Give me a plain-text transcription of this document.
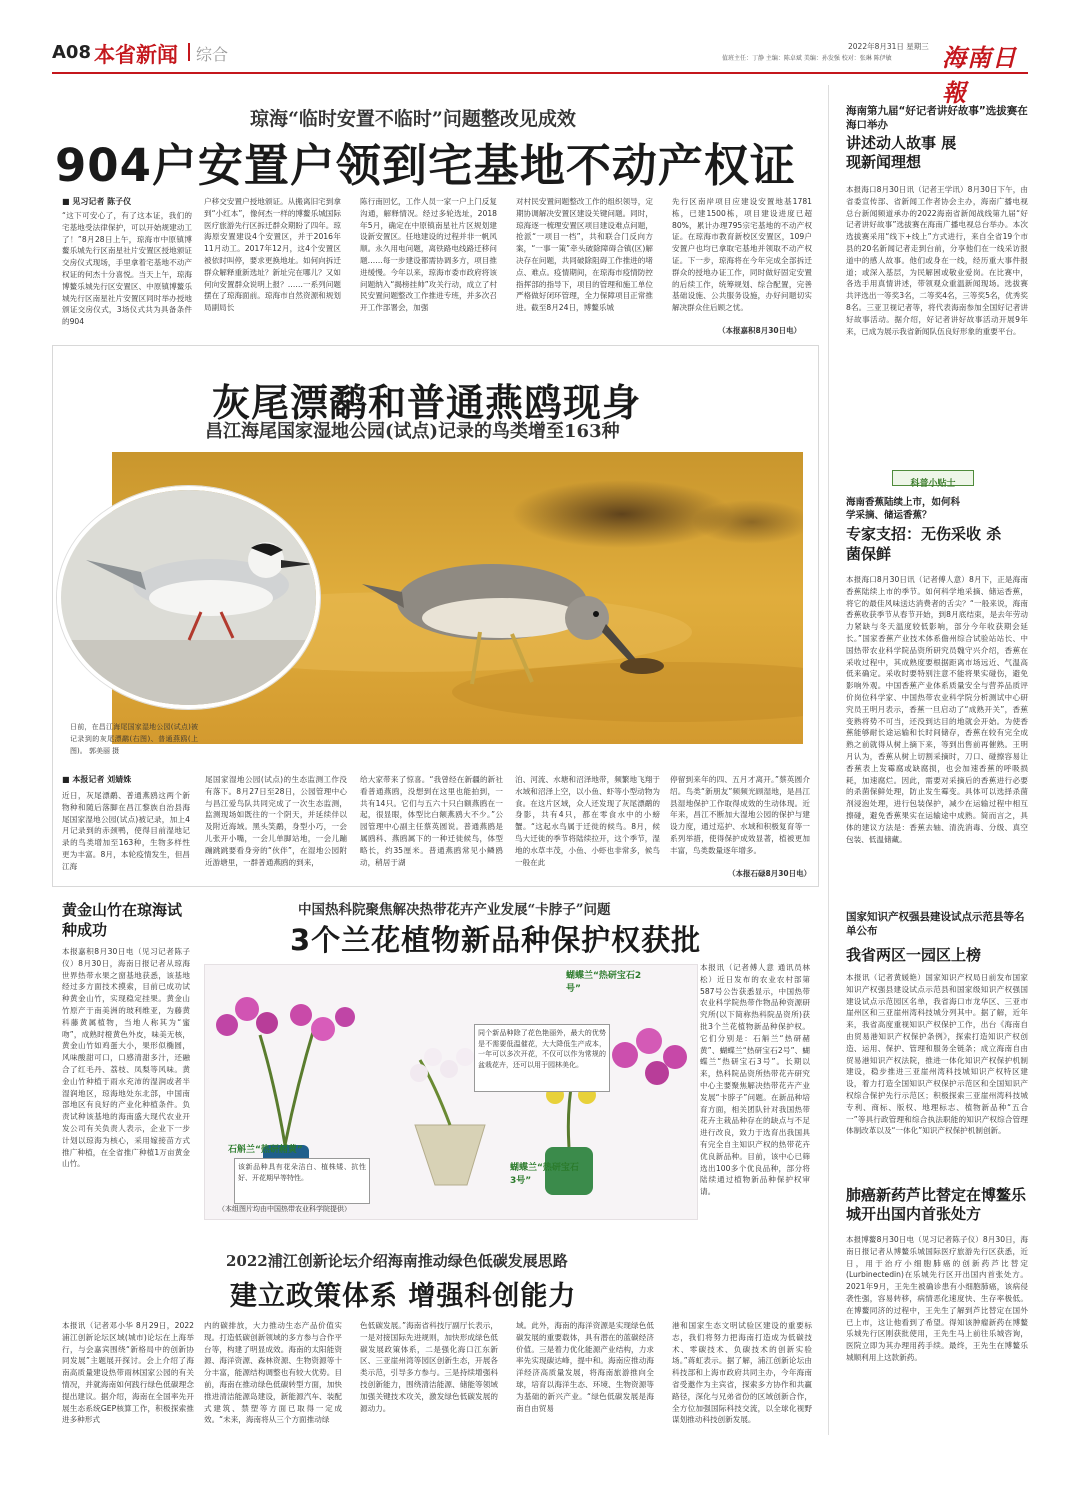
A08 本省新闻 综合	值班主任：丁静 主编：陈卓斌 美编：孙发强 校对：张琳 陈伊敏
2022年8月31日 星期三 海南日報
琼海“临时安置不临时”问题整改见成效
904户安置户领到宅基地不动产权证
■ 见习记者 陈子仪
“这下可安心了，有了这本证，我们的宅基地受法律保护，可以开始规建动工了！”8月28日上午，琼海市中原镇博鳌乐城先行区南星社片安置区授地颁证交房仪式现场，手里拿着宅基地不动产权证的何杰十分喜悦。当天上午，琼海博鳌乐城先行区安置区、中原镇博鳌乐城先行区南星社片安置区同时举办授地颁证交房仪式，3场仪式共为具备条件的904
户移交安置户授地颁证。从搬离旧宅到拿到“小红本”，像何杰一样的博鳌乐城国际医疗旅游先行区拆迁群众期盼了四年。琼海原安置建设4个安置区，并于2016年11月动工。2017年12月，这4个安置区被依时叫停，要求更换地址。如何向拆迁群众解释重新选址？新址完在哪儿？又如何向安置群众说明上报？……一系列问题摆在了琼海面前。琼海市自然资源和规划局副局长
陈行南回忆，工作人员一家一户上门反复沟通，解释情况。经过多轮选址，2018年5月，确定在中原镇南星社片区规划建设新安置区。任地建设的过程并非一帆风顺。永久用电问题，离铁路电线路迁移问题……每一步建设都需协调多方，项目推进缓慢。今年以来，琼海市委市政府将该问题纳入“揭榜挂帅”攻关行动，成立了村民安置问题整改工作推进专班，并多次召开工作部署会，加强
对村民安置问题整改工作的组织领导，定期协调解决安置区建设关键问题。同时，琼海逐一梳理安置区项目建设难点问题，抢派“一项目一档”，共和联合门反向方案，“一事一策”牵头破除障碍合镇(区)解决存在问题，共同破除阻碍工作推进的堵点、难点。疫情期间，在琼海市疫情防控指挥部的指导下，项目的管理和施工单位严格做好闭环管理，全力保障项目正常推进。截至8月24日，博鳌乐城
先行区南岸项目应建设安置地基1781栋，已建1500栋，项目建设进度已超80%，累计办理795宗宅基地的不动产权证。在琼海市教育新校区安置区，109户安置户也均已拿取宅基地并领取不动产权证。下一步，琼海将在今年完成全部拆迁群众的授地办证工作，同时做好固定安置的后续工作，统筹规划、综合配置，完善基础设施、公共服务设施，办好问题切实解决群众住后顾之忧。
（本报嘉积8月30日电）
灰尾漂鹬和普通燕鸥现身
昌江海尾国家湿地公园(试点)记录的鸟类增至163种
日前，在昌江海尾国家湿地公园(试点)被记录到的灰尾漂鹬(右图)、普通燕鸥(上图)。 郭美丽 摄
■ 本报记者 刘婧姝
近日，灰尾漂鹬、普通燕鸥这两个新物种和随后落脚在昌江黎族自治县海尾国家湿地公园(试点)被记录，加上4月记录到的赤颈鸭，使得目前湿地记录的鸟类增加至163种，生物多样性更为丰富。8月，本轮疫情发生，但昌江海
尾国家湿地公园(试点)的生态监测工作没有落下。8月27日至28日，公园管理中心与昌江爱鸟队共同完成了一次生态监测，监测现场如既往的一个阴天，并延续伴以及附近海域。黑头笑鹬，身型小巧，一会儿张开小嘴，一会儿单脚站地，一会儿蹦蹦跳跳要看身旁的“伙伴”，在湿地公园附近游塘里，一群普通燕鸥的到来，
给大家带来了惊喜。“我曾经在新疆的新社看普通燕鸥，没想到在这里也能拍到，一共有14只。它们与五六十只白额燕鸥在一起，很显眼，体型比白额燕鸥大不少。”公园管理中心副主任蔡英圆说。普通燕鸥是属鸥科、燕鸥属下的一种迁徙候鸟，体型略长，约35厘米。普通燕鸥常见小鳞鸥动，稍居于湖
泊、河流、水塘和沼泽地带，频繁地飞翔于水域和沼泽上空，以小鱼、虾等小型动物为食。在这片区域，众人还发现了灰尾漂鹬的身影，共有4只，都在零食水中的小螃蟹。“这起水鸟属于迁徙的候鸟。8月，候鸟大迁徙的季节将陆续拉开，这个季节，湿地的水草丰茂，小鱼、小虾也非常多，候鸟一般在此
停留到来年的四、五月才离开。”蔡英圆介绍。鸟类“新朋友”频频光顾湿地，是昌江县湿地保护工作取得成效的生动体现。近年来，昌江不断加大湿地公园的保护与建设力度，通过巡护、水域和积极复育等一系列举措，使得保护成效显著，植被更加丰富，鸟类数量逐年增多。
（本报石碌8月30日电）
黄金山竹在琼海试种成功
本报嘉积8月30日电（见习记者陈子仪）8月30日，海南日报记者从琼海世界热带水果之窗基地获悉，该基地经过多方面技术摸索，目前已成功试种黄金山竹，实现稳定挂果。黄金山竹原产于南美洲的玻利维亚，为藤黄科藤黄属植物，当地人称其为“蜜吻”，成熟时橙黄色外皮，味美无核，黄金山竹如鸡蛋大小，果形似椭圆，风味酸甜可口，口感清甜多汁，还融合了红毛丹、荔枝、凤梨等风味。黄金山竹种植于雨水充沛的湿润或者半湿润地区，琼海地处东北部，中国南部地区有良好的产业化种植条件。负责试种该基地的海南盛大现代农业开发公司有关负责人表示，企业下一步计划以琼海为核心，采用嫁接苗方式推广种植，在全省推广种植1万亩黄金山竹。
中国热科院聚焦解决热带花卉产业发展“卡脖子”问题
3个兰花植物新品种保护权获批
蝴蝶兰“热研宝石2号”
石斛兰“热研赭黄”
蝴蝶兰“热研宝石3号”
同个新品种除了花色艳丽外，最大的优势是不需要低温催花，大大降低生产成本，一年可以多次开花，不仅可以作为常规的盆栽花卉，还可以用于园林美化。
该新品种具有花朵洁白、植株矮、抗性好、开花期早等特性。
（本组图片均由中国热带农业科学院提供）
本报讯（记者傅人意 通讯员林松）近日发布的农业农村部第587号公告获悉显示，中国热带农业科学院热带作物品种资源研究所(以下简称热科院品资所)获批3个兰花植物新品种保护权。它们分别是：石斛兰“热研赭黄”、蝴蝶兰“热研宝石2号”、蝴蝶兰“热研宝石3号”。长期以来，热科院品资所热带花卉研究中心主要聚焦解决热带花卉产业发展“卡脖子”问题。在新品种培育方面，相关团队针对我国热带花卉主栽品种存在的缺点与不足进行改良，致力于选育出我国具有完全自主知识产权的热带花卉优良新品种。目前，该中心已筛选出100多个优良品种，部分将陆续通过植物新品种保护权审请。
2022浦江创新论坛介绍海南推动绿色低碳发展思路
建立政策体系 增强科创能力
本报讯（记者邓小华 8月29日，2022浦江创新论坛区域(城市)论坛在上海举行，与会嘉宾围绕“新格局中的创新协同发展”主题展开探讨。会上介绍了海南高质量建设热带雨林国家公园的有关情况，并就海南如何践行绿色低碳理念提出建议。据介绍，海南在全国率先开展生态系统GEP核算工作，积极探索推进多种形式
内的碳排放，大力推动生态产品价值实现。打造低碳创新领域的多方参与合作平台等，构建了明显成效。海南的太阳能资源、海洋资源、森林资源、生物资源等十分丰富，能源结构调整也有较大优势。目前，海南在推动绿色低碳转型方面，加快推进清洁能源岛建设，新能源汽车、装配式建筑、禁塑等方面已取得一定成效。“未来，海南将从三个方面推动绿
色低碳发展。”海南省科技厅副厅长表示，一是对接国际先进规则，加快形成绿色低碳发展政策体系，二是强化海口江东新区、三亚崖州湾等园区创新生态，开展各类示范，引导多方参与。三是持续增强科技创新能力，围绕清洁能源、储能等领域加强关键技术攻关，激发绿色低碳发展的源动力。
域。此外，海南的海洋资源是实现绿色低碳发展的重要载体，具有潜在的蓝碳经济价值。三是着力优化能源产业结构，力求率先实现碳达峰，提中和。海南应推动海洋经济高质量发展，将海南旅游推向全球，培育以海洋生态、环境、生物资源等为基础的新兴产业。“绿色低碳发展是海南自由贸易
港和国家生态文明试验区建设的重要标志，我们将努力把海南打造成为低碳技术、零碳技术、负碳技术的创新实验场。”蒋虹表示。据了解，浦江创新论坛由科技部和上海市政府共同主办，今年海南省受邀作为主宾省，探索多方协作和共赢路径，深化与兄弟省份的区域创新合作，全方位加强国际科技交流，以全球化视野谋划推动科技创新发展。
海南第九届“好记者讲好故事”选拔赛在海口举办
讲述动人故事 展现新闻理想
本报海口8月30日讯（记者王学讯）8月30日下午，由省委宣传部、省新闻工作者协会主办，海南广播电视总台新闻频道承办的2022海南省新闻战线第九届“好记者讲好故事”选拔赛在海南广播电视总台举办。本次选拔赛采用“线下+线上”方式进行，来自全省19个市县的20名新闻记者走到台前，分享他们在一线采访报道中的感人故事。他们或身在一线，经历重大事件报道；或深入基层，为民解困或敬业爱岗。在比赛中，各选手用真情讲述，带领观众重温新闻现场。选拔赛共评选出一等奖3名，二等奖4名，三等奖5名，优秀奖8名。三亚卫视记者等，将代表海南参加全国好记者讲好故事活动。据介绍，好记者讲好故事活动开展9年来，已成为展示我省新闻队伍良好形象的重要平台。
科普小贴士
海南香蕉陆续上市，如何科学采摘、储运香蕉？
专家支招：无伤采收 杀菌保鲜
本报海口8月30日讯（记者傅人意）8月下，正是海南香蕉陆续上市的季节。如何科学地采摘、储运香蕉，将它的最佳风味送达消费者的舌尖？“一般来说，海南香蕉收获季节从春节开始，到8月底结束，是去年劳动力紧缺与冬天温度较低影响，部分今年收获期会延长。”国家香蕉产业技术体系儋州综合试验站站长、中国热带农业科学院品资所研究员魏守兴介绍，香蕉在采收过程中，其成熟度要根据距离市场远近、气温高低来确定。采收时要特别注意不能将果实碰伤，避免影响外观。中国香蕉产业体系质量安全与营养品质评价岗位科学家、中国热带农业科学院分析测试中心研究员王明月表示，香蕉一旦启动了“成熟开关”，香蕉变熟将势不可当，还没到达目的地就会开始。为使香蕉能够耐长途运输和长时间储存，香蕉在较有完全成熟之前就得从树上摘下来，等到出售前再催熟。王明月认为，香蕉从树上切割采摘时，刀口、碰擦容易让香蕉表上发霉腐或缺腐损，也会加速香蕉的呼吸损耗，加速腐烂。因此，需要对采摘后的香蕉进行必要的杀菌保鲜处理，防止发生霉变。具体可以选择杀菌剂浸泡处理，进行包装保护，减少在运输过程中相互擦碰，避免香蕉果实在运输途中成熟。简而言之，具体的建议方法是：香蕉去轴、清洗消毒、分级、真空包装、低温储藏。
国家知识产权强县建设试点示范县等名单公布
我省两区一园区上榜
本报讯（记者黄媛艳）国家知识产权局日前发布国家知识产权强县建设试点示范县和国家级知识产权强国建设试点示范园区名单，我省海口市龙华区、三亚市崖州区和三亚崖州湾科技城分列其中。据了解，近年来，我省高度重视知识产权保护工作，出台《海南自由贸易港知识产权保护条例》，探索打造知识产权创造、运用、保护、管理和服务全链条；成立海南自由贸易港知识产权法院，推进一体化知识产权保护机制建设，稳步推进三亚崖州湾科技城知识产权特区建设，着力打造全国知识产权保护示范区和全国知识产权综合保护先行示范区；积极探索三亚崖州湾科技城专利、商标、版权、地理标志、植物新品种“五合一”等具行政管理和综合执法职能的知识产权综合管理体制改革以及“一体化”知识产权保护机制创新。
肺癌新药芦比替定在博鳌乐城开出国内首张处方
本报博鳌8月30日电（见习记者陈子仪）8月30日，海南日报记者从博鳌乐城国际医疗旅游先行区获悉，近日，用于治疗小细胞肺癌的创新药芦比替定(Lurbinectedin)在乐城先行区开出国内首张处方。2021年9月，王先生被确诊患有小细胞肺癌，该病侵袭性强，容易转移，病情恶化速度快、生存率极低。在博鳌同济的过程中，王先生了解到芦比替定在国外已上市，这让他看到了希望。得知该肿瘤新药在博鳌乐城先行区刚获批使用，王先生马上前往乐城咨询，医院立即为其办理用药手续。最终，王先生在博鳌乐城顺利用上这款新药。
